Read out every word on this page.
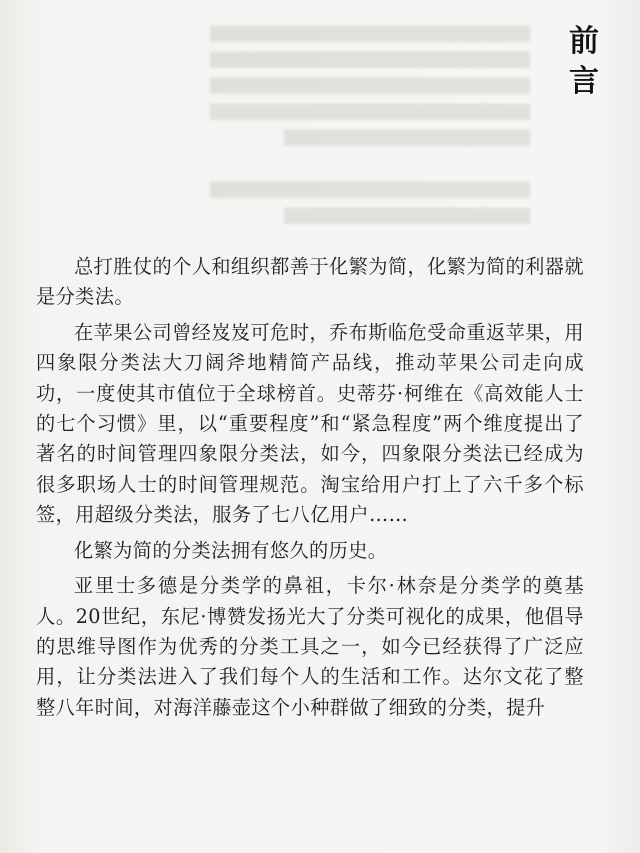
▇▇▇▇▇▇▇▇▇▇▇▇▇▇▇▇▇▇▇▇▇▇▇▇▇▇

▇▇▇▇▇▇▇▇▇▇▇▇▇▇▇▇▇▇▇▇▇▇▇▇▇▇

▇▇▇▇▇▇▇▇▇▇▇▇▇▇▇▇▇▇▇▇▇▇▇▇▇▇

▇▇▇▇▇▇▇▇▇▇▇▇▇▇▇▇▇▇▇▇▇▇▇▇▇▇

▇▇▇▇▇▇▇▇▇▇▇▇▇▇▇▇▇▇▇▇

▇▇▇▇▇▇▇▇▇▇▇▇▇▇▇▇▇▇▇▇▇▇▇▇▇▇

▇▇▇▇▇▇▇▇▇▇▇▇▇▇▇▇▇▇▇▇

前
言

总打胜仗的个人和组织都善于化繁为简，化繁为简的利器就是分类法。

在苹果公司曾经岌岌可危时，乔布斯临危受命重返苹果，用四象限分类法大刀阔斧地精简产品线，推动苹果公司走向成功，一度使其市值位于全球榜首。史蒂芬·柯维在《高效能人士的七个习惯》里，以“重要程度”和“紧急程度”两个维度提出了著名的时间管理四象限分类法，如今，四象限分类法已经成为很多职场人士的时间管理规范。淘宝给用户打上了六千多个标签，用超级分类法，服务了七八亿用户……

化繁为简的分类法拥有悠久的历史。

亚里士多德是分类学的鼻祖，卡尔·林奈是分类学的奠基人。20世纪，东尼·博赞发扬光大了分类可视化的成果，他倡导的思维导图作为优秀的分类工具之一，如今已经获得了广泛应用，让分类法进入了我们每个人的生活和工作。达尔文花了整整八年时间，对海洋藤壶这个小种群做了细致的分类，提升
